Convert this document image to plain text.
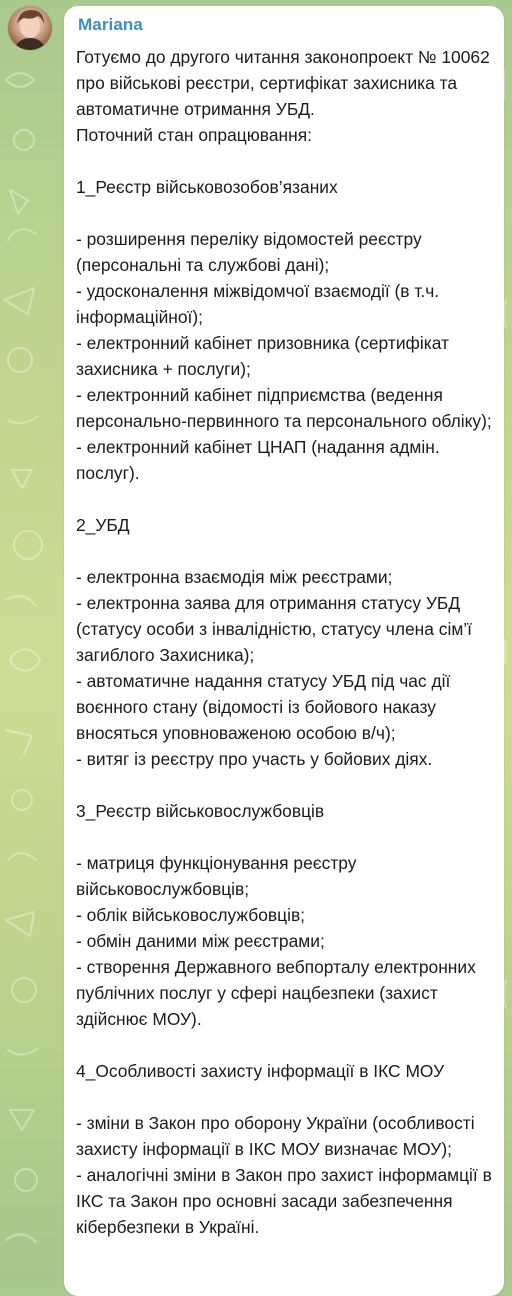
Mariana

Готуємо до другого читання законопроект № 10062 про військові реєстри, сертифікат захисника та автоматичне отримання УБД.
Поточний стан опрацювання:

1_Реєстр військовозобов’язаних

- розширення переліку відомостей реєстру (персональні та службові дані);
- удосконалення міжвідомчої взаємодії (в т.ч. інформаційної);
- електронний кабінет призовника (сертифікат захисника + послуги);
- електронний кабінет підприємства (ведення персонально-первинного та персонального обліку);
- електронний кабінет ЦНАП (надання адмін. послуг).

2_УБД

- електронна взаємодія між реєстрами;
- електронна заява для отримання статусу УБД (статусу особи з інвалідністю, статусу члена сім’ї загиблого Захисника);
- автоматичне надання статусу УБД під час дії воєнного стану (відомості із бойового наказу вносяться уповноваженою особою в/ч);
- витяг із реєстру про участь у бойових діях.

3_Реєстр військовослужбовців

- матриця функціонування реєстру військовослужбовців;
- облік військовослужбовців;
- обмін даними між реєстрами;
- створення Державного вебпорталу електронних публічних послуг у сфері нацбезпеки (захист здійснює МОУ).

4_Особливості захисту інформації в ІКС МОУ

- зміни в Закон про оборону України (особливості захисту інформації в ІКС МОУ визначає МОУ);
- аналогічні зміни в Закон про захист інформамції в ІКС та Закон про основні засади забезпечення кібербезпеки в Україні.
